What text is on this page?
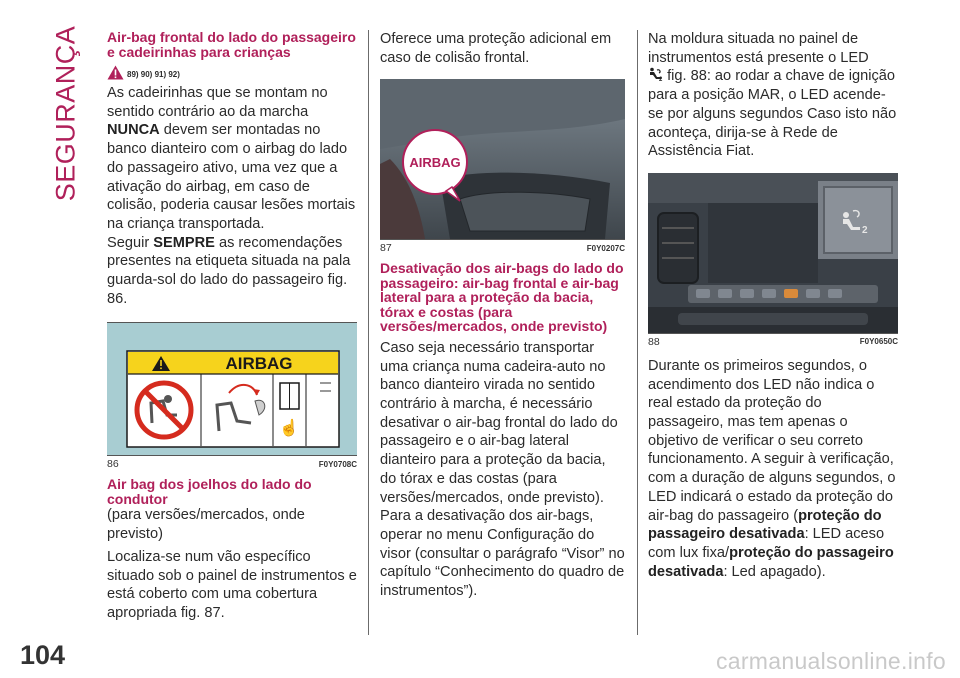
SEGURANÇA
104	carmanualsonline.info
Air-bag frontal do lado do passageiro e cadeirinhas para crianças
89) 90) 91) 92)
As cadeirinhas que se montam no sentido contrário ao da marcha NUNCA devem ser montadas no banco dianteiro com o airbag do lado do passageiro ativo, uma vez que a ativação do airbag, em caso de colisão, poderia causar lesões mortais na criança transportada.
Seguir SEMPRE as recomendações presentes na etiqueta situada na pala guarda-sol do lado do passageiro fig. 86.
AIRBAG
☝
86	F0Y0708C
Air bag dos joelhos do lado do condutor
(para versões/mercados, onde previsto)
Localiza-se num vão específico situado sob o painel de instrumentos e está coberto com uma cobertura apropriada fig. 87.
Oferece uma proteção adicional em caso de colisão frontal.
AIRBAG
87	F0Y0207C
Desativação dos air-bags do lado do passageiro: air-bag frontal e air-bag lateral para a proteção da bacia, tórax e costas (para versões/mercados, onde previsto)
Caso seja necessário transportar uma criança numa cadeira-auto no banco dianteiro virada no sentido contrário à marcha, é necessário desativar o air-bag frontal do lado do passageiro e o air-bag lateral dianteiro para a proteção da bacia, do tórax e das costas (para versões/mercados, onde previsto).
Para a desativação dos air-bags, operar no menu Configuração do visor (consultar o parágrafo “Visor” no capítulo “Conhecimento do quadro de instrumentos”).
Na moldura situada no painel de instrumentos está presente o LED

2 fig. 88: ao rodar a chave de ignição para a posição MAR, o LED acende-se por alguns segundos Caso isto não aconteça, dirija-se à Rede de Assistência Fiat.
2
88	F0Y0650C
Durante os primeiros segundos, o acendimento dos LED não indica o real estado da proteção do passageiro, mas tem apenas o objetivo de verificar o seu correto funcionamento. A seguir à verificação, com a duração de alguns segundos, o LED indicará o estado da proteção do air-bag do passageiro (proteção do passageiro desativada: LED aceso com lux fixa/proteção do passageiro desativada: Led apagado).
